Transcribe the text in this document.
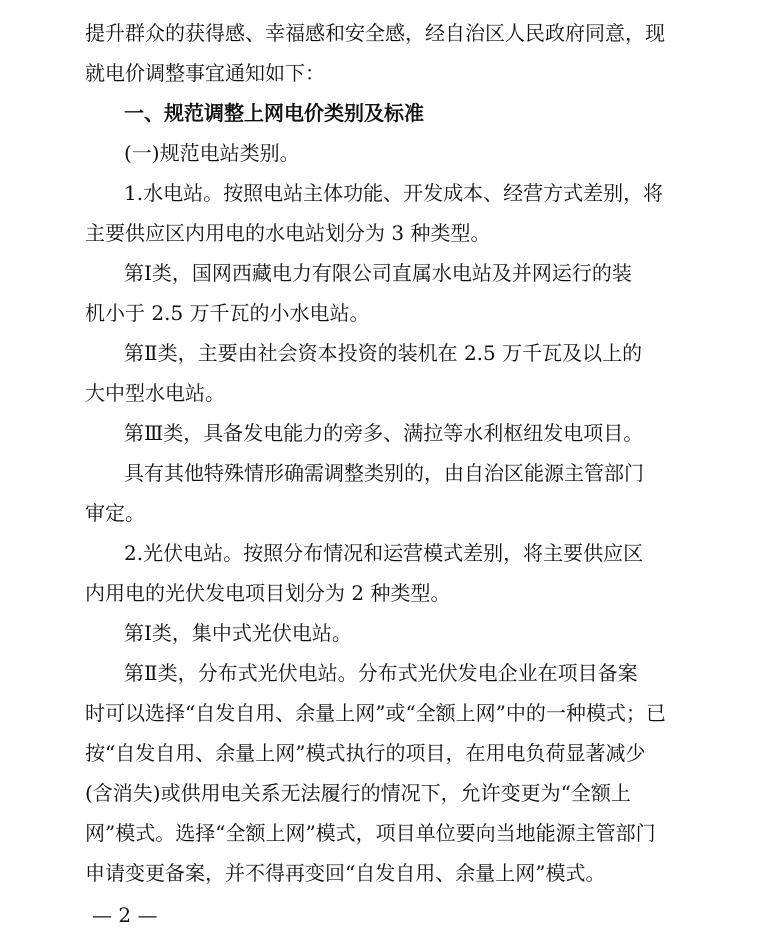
提升群众的获得感、幸福感和安全感，经自治区人民政府同意，现
就电价调整事宜通知如下：
一、规范调整上网电价类别及标准
(一)规范电站类别。
1.水电站。按照电站主体功能、开发成本、经营方式差别，将
主要供应区内用电的水电站划分为 3 种类型。
第Ⅰ类，国网西藏电力有限公司直属水电站及并网运行的装
机小于 2.5 万千瓦的小水电站。
第Ⅱ类，主要由社会资本投资的装机在 2.5 万千瓦及以上的
大中型水电站。
第Ⅲ类，具备发电能力的旁多、满拉等水利枢纽发电项目。
具有其他特殊情形确需调整类别的，由自治区能源主管部门
审定。
2.光伏电站。按照分布情况和运营模式差别，将主要供应区
内用电的光伏发电项目划分为 2 种类型。
第Ⅰ类，集中式光伏电站。
第Ⅱ类，分布式光伏电站。分布式光伏发电企业在项目备案
时可以选择“自发自用、余量上网”或“全额上网”中的一种模式；已
按“自发自用、余量上网”模式执行的项目，在用电负荷显著减少
(含消失)或供用电关系无法履行的情况下，允许变更为“全额上
网”模式。选择“全额上网”模式，项目单位要向当地能源主管部门
申请变更备案，并不得再变回“自发自用、余量上网”模式。
— 2 —
